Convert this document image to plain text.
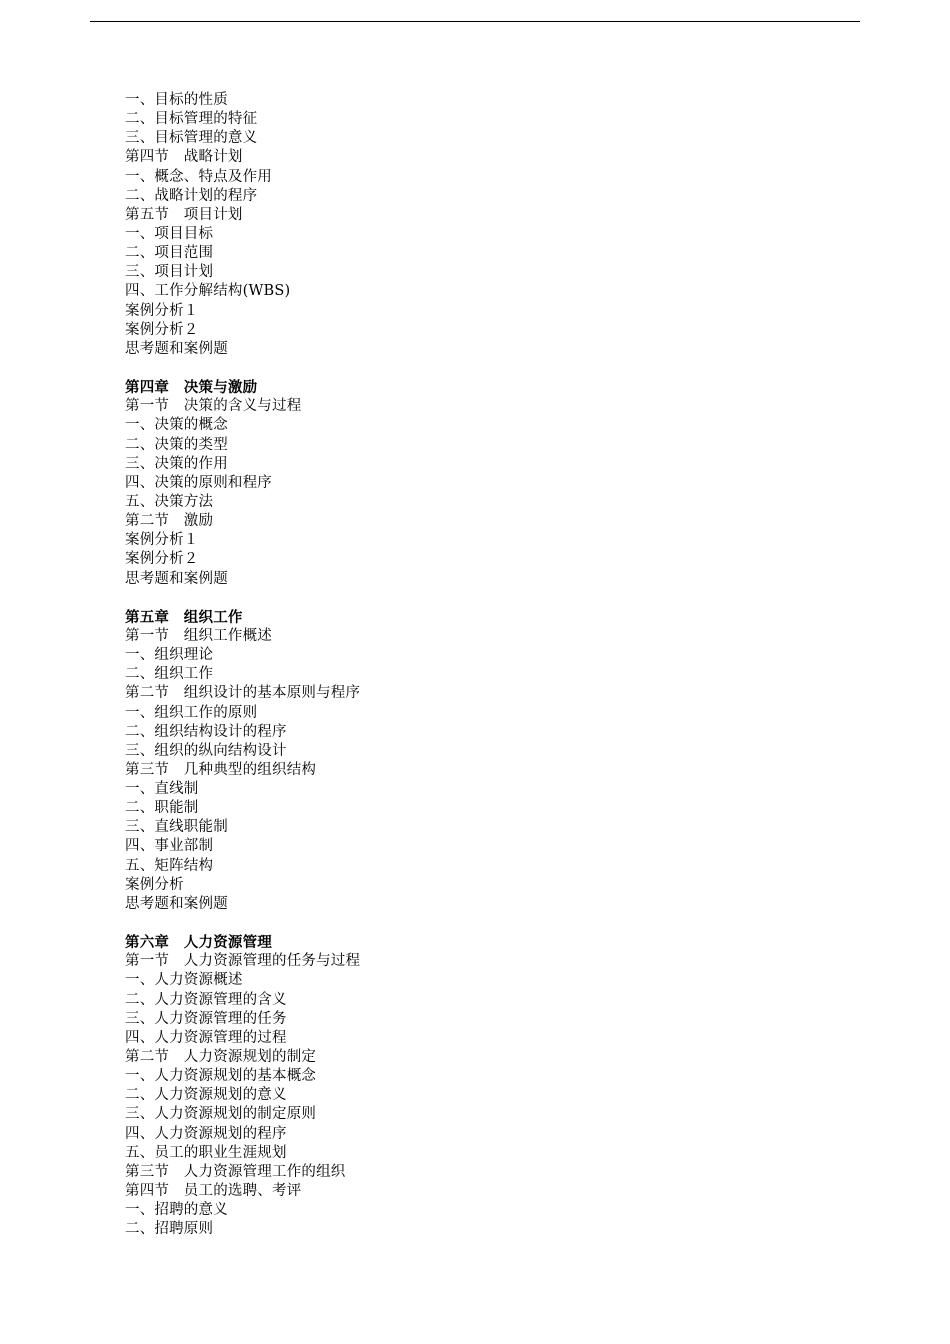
一、目标的性质
二、目标管理的特征
三、目标管理的意义
第四节　战略计划
一、概念、特点及作用
二、战略计划的程序
第五节　项目计划
一、项目目标
二、项目范围
三、项目计划
四、工作分解结构(WBS)
案例分析１
案例分析２
思考题和案例题
第四章　决策与激励
第一节　决策的含义与过程
一、决策的概念
二、决策的类型
三、决策的作用
四、决策的原则和程序
五、决策方法
第二节　激励
案例分析１
案例分析２
思考题和案例题
第五章　组织工作
第一节　组织工作概述
一、组织理论
二、组织工作
第二节　组织设计的基本原则与程序
一、组织工作的原则
二、组织结构设计的程序
三、组织的纵向结构设计
第三节　几种典型的组织结构
一、直线制
二、职能制
三、直线职能制
四、事业部制
五、矩阵结构
案例分析
思考题和案例题
第六章　人力资源管理
第一节　人力资源管理的任务与过程
一、人力资源概述
二、人力资源管理的含义
三、人力资源管理的任务
四、人力资源管理的过程
第二节　人力资源规划的制定
一、人力资源规划的基本概念
二、人力资源规划的意义
三、人力资源规划的制定原则
四、人力资源规划的程序
五、员工的职业生涯规划
第三节　人力资源管理工作的组织
第四节　员工的选聘、考评
一、招聘的意义
二、招聘原则
